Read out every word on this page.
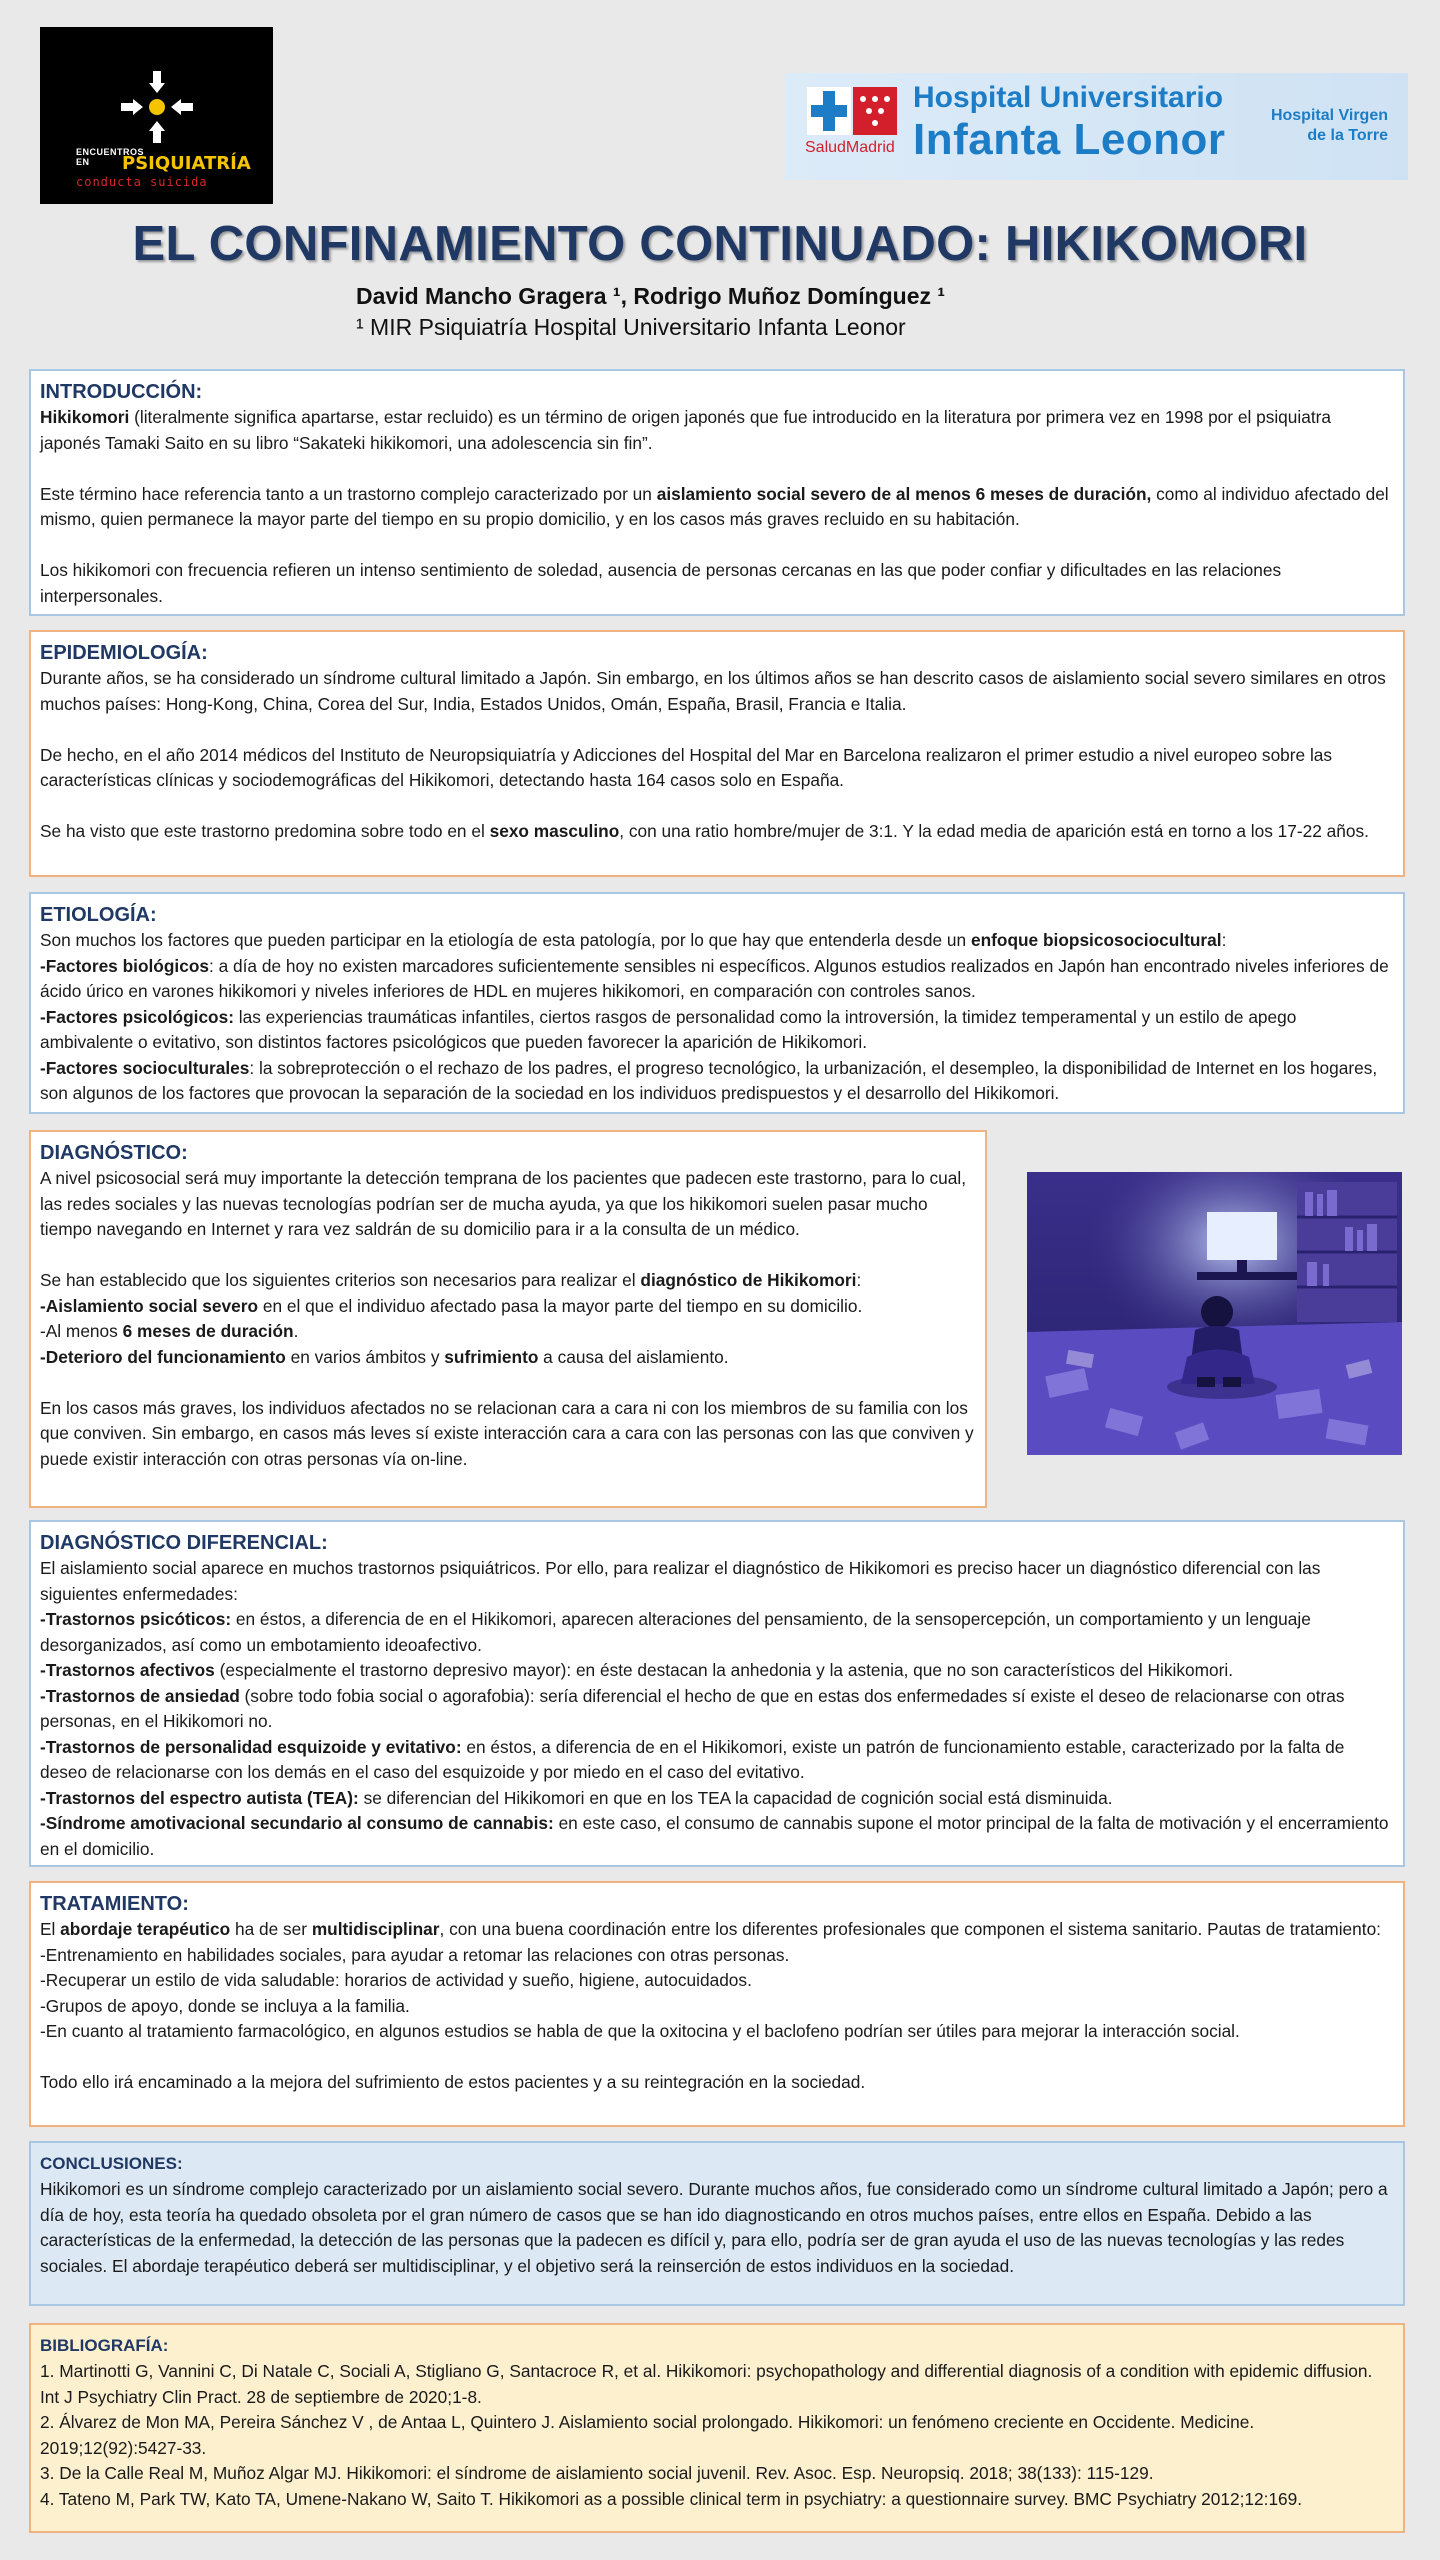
ENCUENTROS
EN PSIQUIATRÍA
conducta suicida
SaludMadrid
Hospital Universitario
Infanta Leonor	Hospital Virgen
de la Torre
EL CONFINAMIENTO CONTINUADO: HIKIKOMORI
David Mancho Gragera ¹, Rodrigo Muñoz Domínguez ¹
¹ MIR Psiquiatría Hospital Universitario Infanta Leonor
INTRODUCCIÓN:
Hikikomori (literalmente significa apartarse, estar recluido) es un término de origen japonés que fue introducido en la literatura por primera vez en 1998 por el psiquiatra japonés Tamaki Saito en su libro “Sakateki hikikomori, una adolescencia sin fin”.
Este término hace referencia tanto a un trastorno complejo caracterizado por un aislamiento social severo de al menos 6 meses de duración, como al individuo afectado del mismo, quien permanece la mayor parte del tiempo en su propio domicilio, y en los casos más graves recluido en su habitación.
Los hikikomori con frecuencia refieren un intenso sentimiento de soledad, ausencia de personas cercanas en las que poder confiar y dificultades en las relaciones interpersonales.
EPIDEMIOLOGÍA:
Durante años, se ha considerado un síndrome cultural limitado a Japón. Sin embargo, en los últimos años se han descrito casos de aislamiento social severo similares en otros muchos países: Hong-Kong, China, Corea del Sur, India, Estados Unidos, Omán, España, Brasil, Francia e Italia.
De hecho, en el año 2014 médicos del Instituto de Neuropsiquiatría y Adicciones del Hospital del Mar en Barcelona realizaron el primer estudio a nivel europeo sobre las características clínicas y sociodemográficas del Hikikomori, detectando hasta 164 casos solo en España.
Se ha visto que este trastorno predomina sobre todo en el sexo masculino, con una ratio hombre/mujer de 3:1. Y la edad media de aparición está en torno a los 17-22 años.
ETIOLOGÍA:
Son muchos los factores que pueden participar en la etiología de esta patología, por lo que hay que entenderla desde un enfoque biopsicosociocultural:
-Factores biológicos: a día de hoy no existen marcadores suficientemente sensibles ni específicos. Algunos estudios realizados en Japón han encontrado niveles inferiores de ácido úrico en varones hikikomori y niveles inferiores de HDL en mujeres hikikomori, en comparación con controles sanos.
-Factores psicológicos: las experiencias traumáticas infantiles, ciertos rasgos de personalidad como la introversión, la timidez temperamental y un estilo de apego ambivalente o evitativo, son distintos factores psicológicos que pueden favorecer la aparición de Hikikomori.
-Factores socioculturales: la sobreprotección o el rechazo de los padres, el progreso tecnológico, la urbanización, el desempleo, la disponibilidad de Internet en los hogares, son algunos de los factores que provocan la separación de la sociedad en los individuos predispuestos y el desarrollo del Hikikomori.
DIAGNÓSTICO:
A nivel psicosocial será muy importante la detección temprana de los pacientes que padecen este trastorno, para lo cual, las redes sociales y las nuevas tecnologías podrían ser de mucha ayuda, ya que los hikikomori suelen pasar mucho tiempo navegando en Internet y rara vez saldrán de su domicilio para ir a la consulta de un médico.
Se han establecido que los siguientes criterios son necesarios para realizar el diagnóstico de Hikikomori:
-Aislamiento social severo en el que el individuo afectado pasa la mayor parte del tiempo en su domicilio.
-Al menos 6 meses de duración.
-Deterioro del funcionamiento en varios ámbitos y sufrimiento a causa del aislamiento.
En los casos más graves, los individuos afectados no se relacionan cara a cara ni con los miembros de su familia con los que conviven. Sin embargo, en casos más leves sí existe interacción cara a cara con las personas con las que conviven y puede existir interacción con otras personas vía on-line.
DIAGNÓSTICO DIFERENCIAL:
El aislamiento social aparece en muchos trastornos psiquiátricos. Por ello, para realizar el diagnóstico de Hikikomori es preciso hacer un diagnóstico diferencial con las siguientes enfermedades:
-Trastornos psicóticos: en éstos, a diferencia de en el Hikikomori, aparecen alteraciones del pensamiento, de la sensopercepción, un comportamiento y un lenguaje desorganizados, así como un embotamiento ideoafectivo.
-Trastornos afectivos (especialmente el trastorno depresivo mayor): en éste destacan la anhedonia y la astenia, que no son característicos del Hikikomori.
-Trastornos de ansiedad (sobre todo fobia social o agorafobia): sería diferencial el hecho de que en estas dos enfermedades sí existe el deseo de relacionarse con otras personas, en el Hikikomori no.
-Trastornos de personalidad esquizoide y evitativo: en éstos, a diferencia de en el Hikikomori, existe un patrón de funcionamiento estable, caracterizado por la falta de deseo de relacionarse con los demás en el caso del esquizoide y por miedo en el caso del evitativo.
-Trastornos del espectro autista (TEA): se diferencian del Hikikomori en que en los TEA la capacidad de cognición social está disminuida.
-Síndrome amotivacional secundario al consumo de cannabis: en este caso, el consumo de cannabis supone el motor principal de la falta de motivación y el encerramiento en el domicilio.
TRATAMIENTO:
El abordaje terapéutico ha de ser multidisciplinar, con una buena coordinación entre los diferentes profesionales que componen el sistema sanitario. Pautas de tratamiento:
-Entrenamiento en habilidades sociales, para ayudar a retomar las relaciones con otras personas.
-Recuperar un estilo de vida saludable: horarios de actividad y sueño, higiene, autocuidados.
-Grupos de apoyo, donde se incluya a la familia.
-En cuanto al tratamiento farmacológico, en algunos estudios se habla de que la oxitocina y el baclofeno podrían ser útiles para mejorar la interacción social.
Todo ello irá encaminado a la mejora del sufrimiento de estos pacientes y a su reintegración en la sociedad.
CONCLUSIONES:
Hikikomori es un síndrome complejo caracterizado por un aislamiento social severo. Durante muchos años, fue considerado como un síndrome cultural limitado a Japón; pero a día de hoy, esta teoría ha quedado obsoleta por el gran número de casos que se han ido diagnosticando en otros muchos países, entre ellos en España. Debido a las características de la enfermedad, la detección de las personas que la padecen es difícil y, para ello, podría ser de gran ayuda el uso de las nuevas tecnologías y las redes sociales. El abordaje terapéutico deberá ser multidisciplinar, y el objetivo será la reinserción de estos individuos en la sociedad.
BIBLIOGRAFÍA:
1. Martinotti G, Vannini C, Di Natale C, Sociali A, Stigliano G, Santacroce R, et al. Hikikomori: psychopathology and differential diagnosis of a condition with epidemic diffusion. Int J Psychiatry Clin Pract. 28 de septiembre de 2020;1-8.
2. Álvarez de Mon MA, Pereira Sánchez V , de Antaa L, Quintero J. Aislamiento social prolongado. Hikikomori: un fenómeno creciente en Occidente. Medicine. 2019;12(92):5427-33.
3. De la Calle Real M, Muñoz Algar MJ. Hikikomori: el síndrome de aislamiento social juvenil. Rev. Asoc. Esp. Neuropsiq. 2018; 38(133): 115-129.
4. Tateno M, Park TW, Kato TA, Umene-Nakano W, Saito T. Hikikomori as a possible clinical term in psychiatry: a questionnaire survey. BMC Psychiatry 2012;12:169.
